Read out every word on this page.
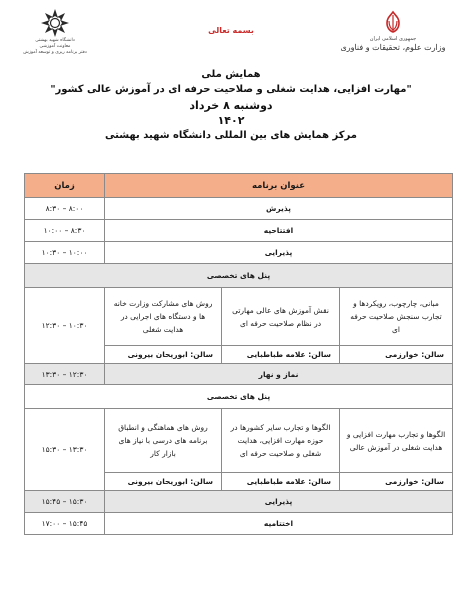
جمهوری اسلامی ایران
وزارت علوم، تحقیقات و فناوری
دانشگاه شهید بهشتی
معاونت آموزشی
دفتر برنامه ریزی و توسعه آموزش
بسمه تعالی
همایش ملی
"مهارت افزایی، هدایت شغلی و صلاحیت حرفه ای در آموزش عالی کشور"
دوشنبه ۸ خرداد
۱۴۰۲
مرکز همایش های بین المللی دانشگاه شهید بهشتی
عنوان برنامه			زمان
پذیرش			۸:۳۰ – ۸:۰۰
افتتاحیه			۱۰:۰۰ – ۸:۳۰
پذیرایی			۱۰:۳۰ – ۱۰:۰۰
پنل های تخصصی			
مبانی، چارچوب، رویکردها و تجارب سنجش صلاحیت حرفه ای	نقش آموزش های عالی مهارتی در نظام صلاحیت حرفه ای	روش های مشارکت وزارت خانه ها و دستگاه های اجرایی در هدایت شغلی	۱۲:۳۰ – ۱۰:۳۰
سالن: خوارزمی	سالن: علامه طباطبایی	سالن: ابوریحان بیرونی	
نماز و نهار			۱۳:۳۰ – ۱۲:۳۰
پنل های تخصصی			
الگوها و تجارب مهارت افزایی و هدایت شغلی در آموزش عالی	الگوها و تجارب سایر کشورها در حوزه مهارت افزایی، هدایت شغلی و صلاحیت حرفه ای	روش های هماهنگی و انطباق برنامه های درسی با نیاز های بازار کار	۱۵:۳۰ – ۱۳:۳۰
سالن: خوارزمی	سالن: علامه طباطبایی	سالن: ابوریحان بیرونی	
پذیرایی			۱۵:۴۵ – ۱۵:۳۰
اختتامیه			۱۷:۰۰ – ۱۵:۴۵
